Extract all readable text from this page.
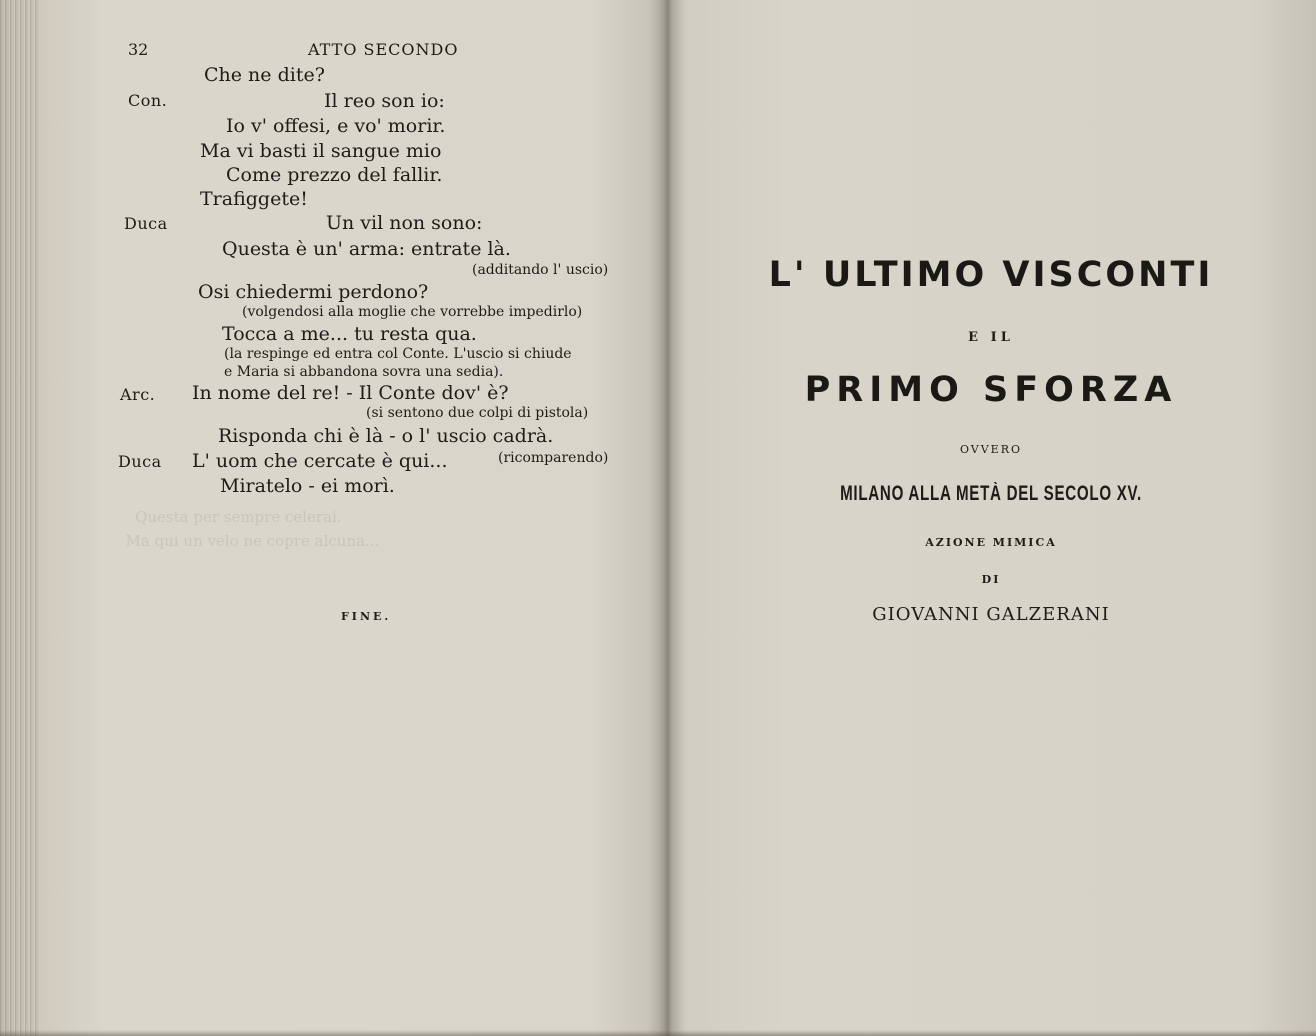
Questa per sempre celerai.
Ma qui un velo ne copre alcuna...

32	ATTO SECONDO
Che ne dite?
Con.	Il reo son io:
Io v' offesi, e vo' morir.
Ma vi basti il sangue mio
Come prezzo del fallir.
Trafiggete!
Duca	Un vil non sono:
Questa è un' arma: entrate là.
(additando l' uscio)
Osi chiedermi perdono?
(volgendosi alla moglie che vorrebbe impedirlo)
Tocca a me... tu resta qua.
(la respinge ed entra col Conte. L'uscio si chiude
e Maria si abbandona sovra una sedia).
Arc. In nome del re! - Il Conte dov' è?
(si sentono due colpi di pistola)
Risponda chi è là - o l' uscio cadrà.
Duca L' uom che cercate è qui...	(ricomparendo)
Miratelo - ei morì.
FINE.
L' ULTIMO VISCONTI
E IL
PRIMO SFORZA
OVVERO
MILANO ALLA METÀ DEL SECOLO XV.
AZIONE MIMICA
DI
GIOVANNI GALZERANI
